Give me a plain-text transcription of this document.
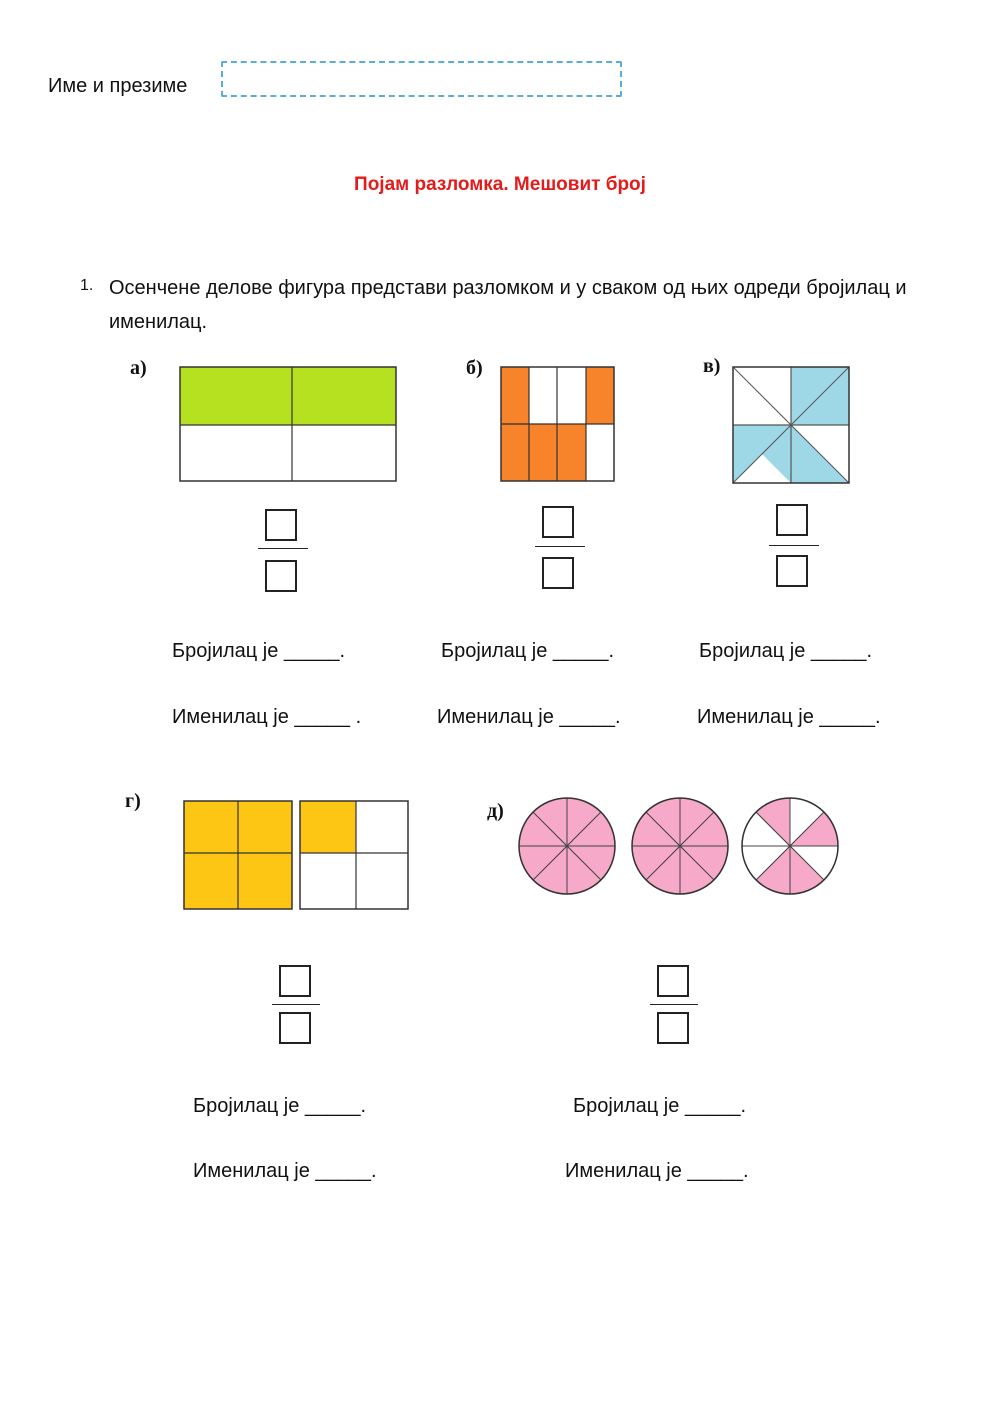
Име и презиме
Појам разломка. Мешовит број
1. Осенчене делове фигура представи разломком и у сваком од њих одреди бројилац и именилац.
а)
Бројилац је _____.
Именилац је _____ .
б)
Бројилац је _____.
Именилац је _____.
в)
Бројилац је _____.
Именилац је _____.
г)
Бројилац је _____.
Именилац је _____.
д)
Бројилац је _____.
Именилац је _____.
